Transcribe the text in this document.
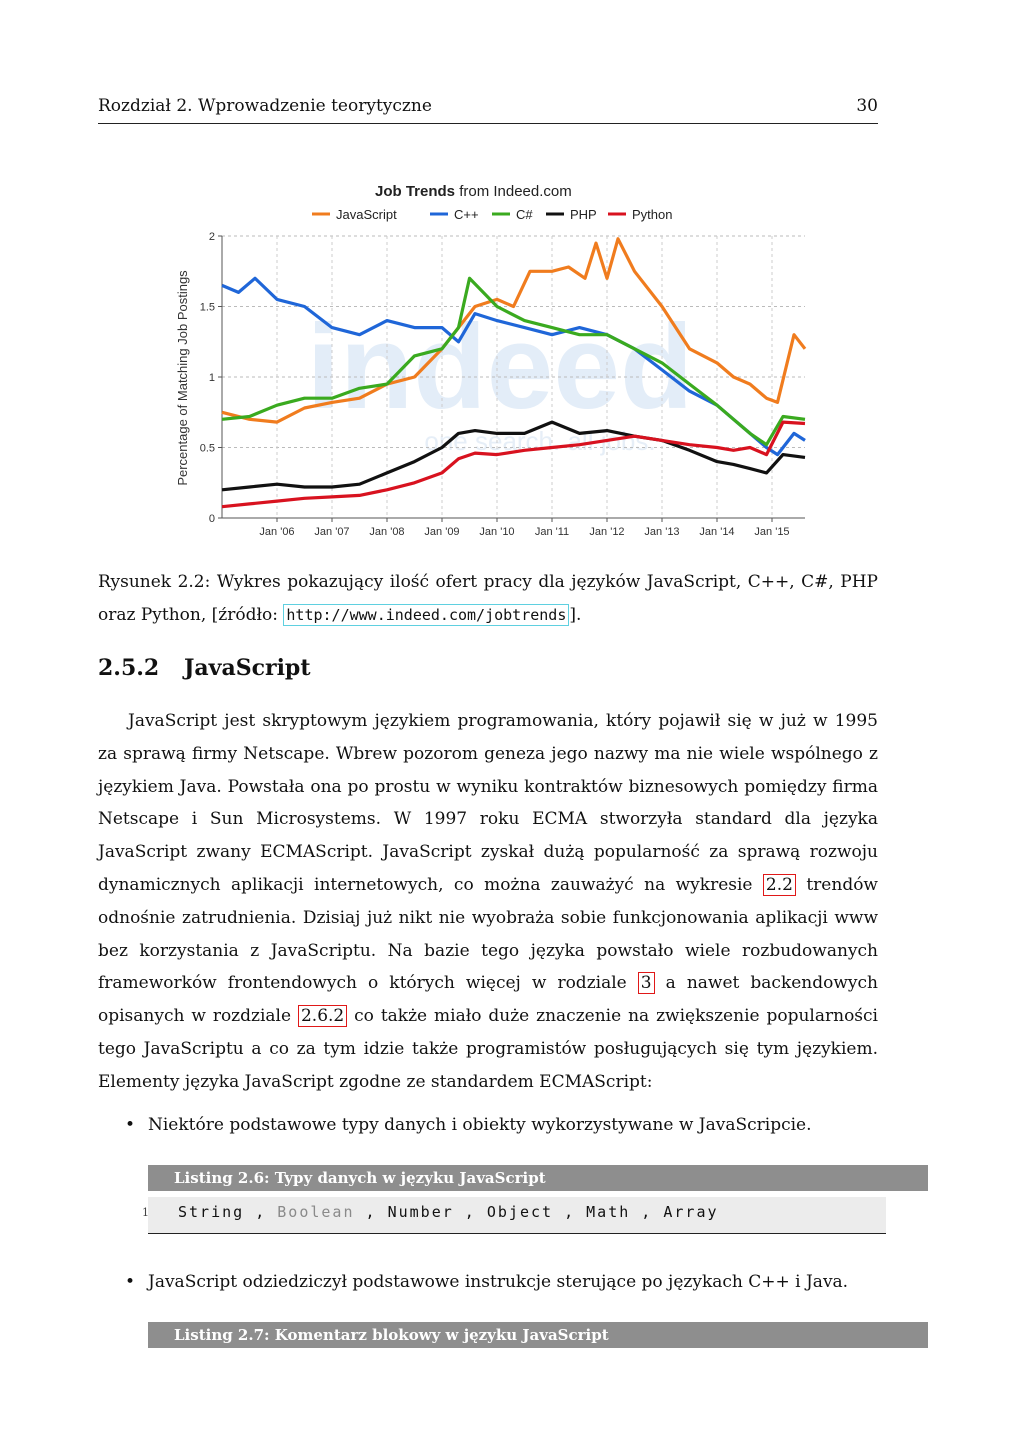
Rozdział 2. Wprowadzenie teorytyczne	30
Job Trends from Indeed.com
JavaScript	C++	C#	PHP	Python
Percentage of Matching Job Postings indeed
one search. all jobs.
0
0.5
1
1.5
2
Jan '06 Jan '07 Jan '08 Jan '09 Jan '10 Jan '11 Jan '12 Jan '13 Jan '14 Jan '15
Rysunek 2.2: Wykres pokazujący ilość ofert pracy dla języków JavaScript, C++, C#, PHP oraz Python, [źródło: http://www.indeed.com/jobtrends ].
2.5.2 JavaScript

JavaScript jest skryptowym językiem programowania, który pojawił się w już w 1995 za sprawą firmy Netscape. Wbrew pozorom geneza jego nazwy ma nie wiele wspólnego z językiem Java. Powstała ona po prostu w wyniku kontraktów biznesowych pomiędzy firma Netscape i Sun Microsystems. W 1997 roku ECMA stworzyła standard dla języka JavaScript zwany ECMAScript. JavaScript zyskał dużą popularność za sprawą rozwoju dynamicznych aplikacji internetowych, co można zauważyć na wykresie 2.2 trendów odnośnie zatrudnienia. Dzisiaj już nikt nie wyobraża sobie funkcjonowania aplikacji www bez korzystania z JavaScriptu. Na bazie tego języka powstało wiele rozbudowanych frameworków frontendowych o których więcej w rodziale 3 a nawet backendowych opisanych w rozdziale 2.6.2 co także miało duże znaczenie na zwiększenie popularności tego JavaScriptu a co za tym idzie także programistów posługujących się tym językiem. Elementy języka JavaScript zgodne ze standardem ECMAScript:

• Niektóre podstawowe typy danych i obiekty wykorzystywane w JavaScripcie.
Listing 2.6: Typy danych w języku JavaScript
1 String , Boolean , Number , Object , Math , Array
• JavaScript odziedziczył podstawowe instrukcje sterujące po językach C++ i Java.
Listing 2.7: Komentarz blokowy w języku JavaScript
